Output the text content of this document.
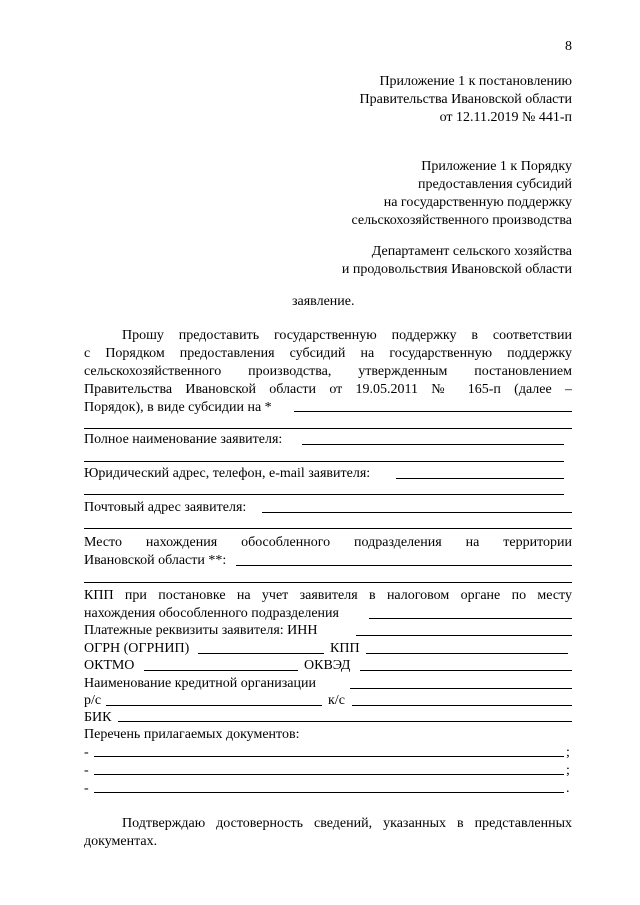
8
Приложение 1 к постановлению
Правительства Ивановской области
от 12.11.2019 № 441-п
Приложение 1 к Порядку
предоставления субсидий
на государственную поддержку
сельскохозяйственного производства
Департамент сельского хозяйства
и продовольствия Ивановской области
заявление.
Прошу предоставить государственную поддержку в соответствии
с Порядком предоставления субсидий на государственную поддержку
сельскохозяйственного производства, утвержденным постановлением
Правительства Ивановской области от 19.05.2011 № 165-п (далее –
Порядок), в виде субсидии на *
Полное наименование заявителя:
Юридический адрес, телефон, e-mail заявителя:
Почтовый адрес заявителя:
Место нахождения обособленного подразделения на территории
Ивановской области **:
КПП при постановке на учет заявителя в налоговом органе по месту
нахождения обособленного подразделения
Платежные реквизиты заявителя: ИНН
ОГРН (ОГРНИП)	КПП
ОКТМО	ОКВЭД
Наименование кредитной организации
р/с	к/с
БИК
Перечень прилагаемых документов:
-	;
-	;
-	.
Подтверждаю достоверность сведений, указанных в представленных
документах.
